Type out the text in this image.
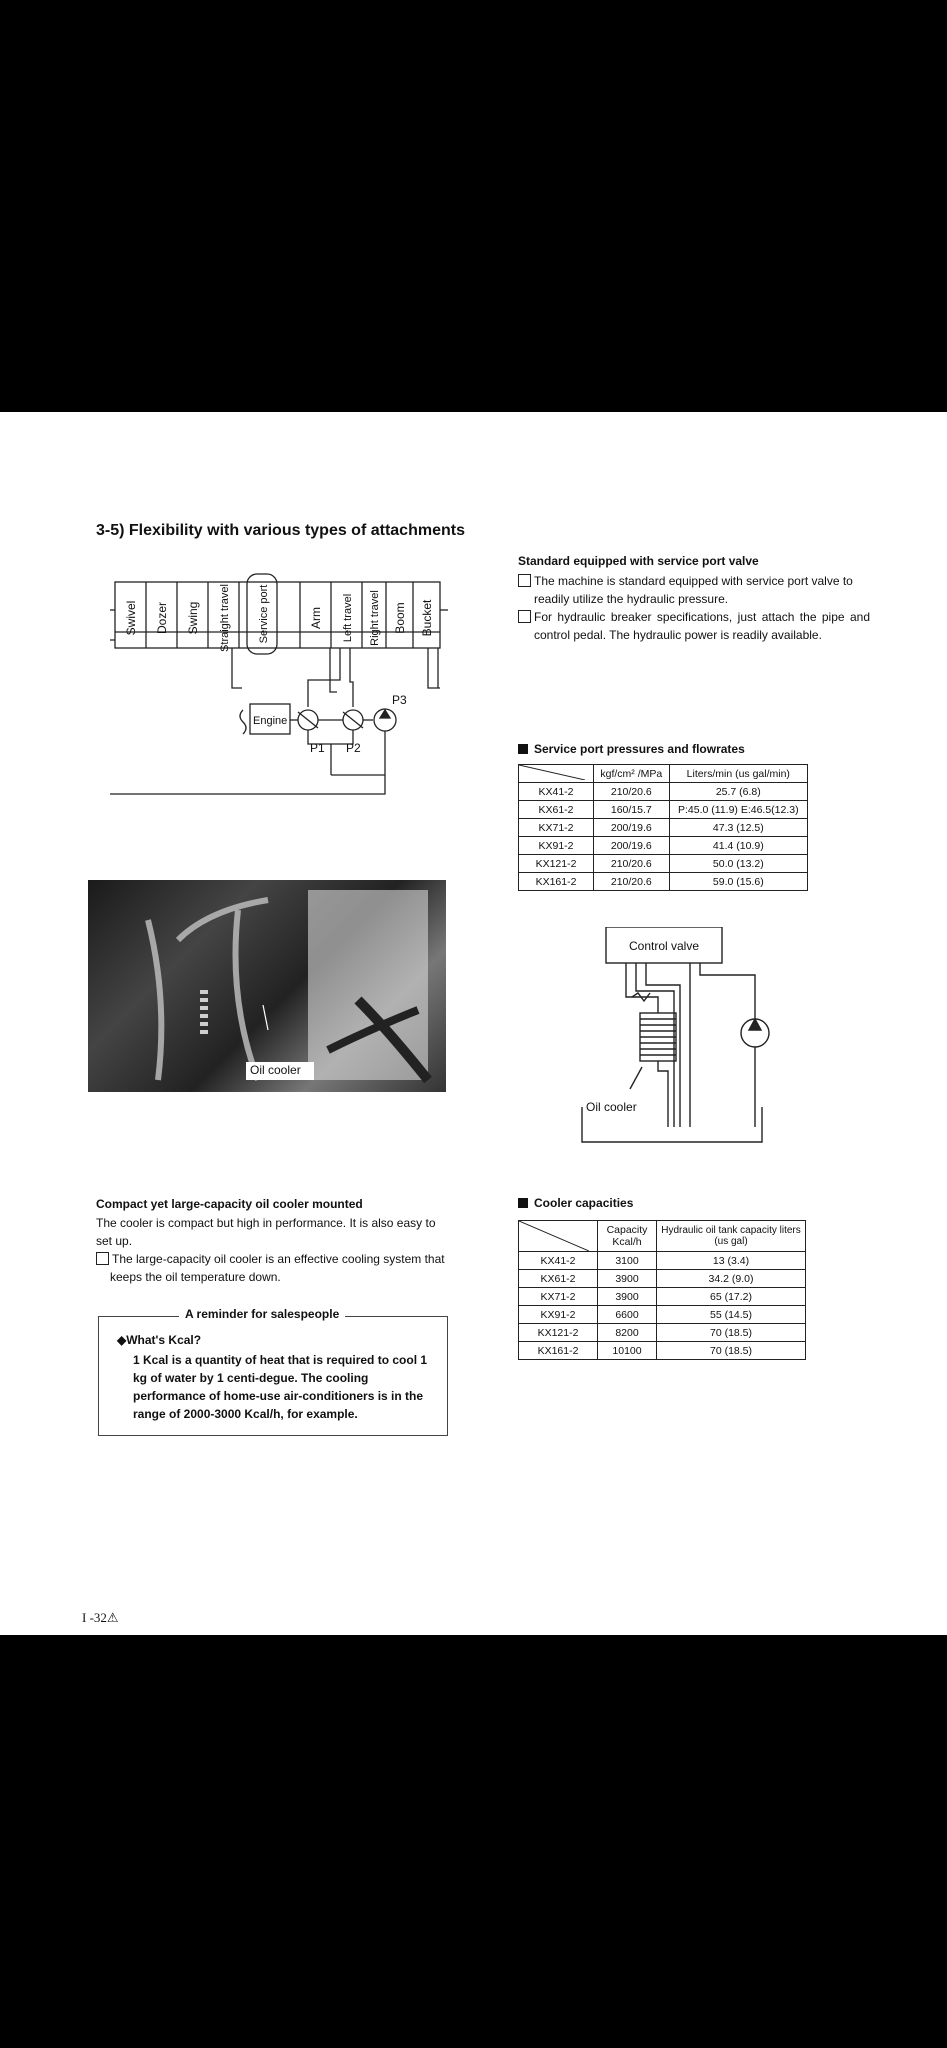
3-5) Flexibility with various types of attachments
Swivel Dozer Swing Straight travel Service port	Arm Left travel Right travel Boom Bucket
Engine
P1 P2
P3
Standard equipped with service port valve
The machine is standard equipped with service port valve to readily utilize the hydraulic pressure.
For hydraulic breaker specifications, just attach the pipe and control pedal. The hydraulic power is readily available.
Service port pressures and flowrates
	kgf/cm² /MPa	Liters/min (us gal/min)
KX41-2	210/20.6	25.7 (6.8)
KX61-2	160/15.7	P:45.0 (11.9) E:46.5(12.3)
KX71-2	200/19.6	47.3 (12.5)
KX91-2	200/19.6	41.4 (10.9)
KX121-2	210/20.6	50.0 (13.2)
KX161-2	210/20.6	59.0 (15.6)
Oil cooler
Control valve
Oil cooler
Compact yet large-capacity oil cooler mounted
The cooler is compact but high in performance. It is also easy to set up.
The large-capacity oil cooler is an effective cooling system that keeps the oil temperature down.
A reminder for salespeople
◆What's Kcal?
1 Kcal is a quantity of heat that is required to cool 1 kg of water by 1 centi-degue. The cooling performance of home-use air-conditioners is in the range of 2000-3000 Kcal/h, for example.
Cooler capacities
	Capacity Kcal/h	Hydraulic oil tank capacity liters (us gal)
KX41-2	3100	13 (3.4)
KX61-2	3900	34.2 (9.0)
KX71-2	3900	65 (17.2)
KX91-2	6600	55 (14.5)
KX121-2	8200	70 (18.5)
KX161-2	10100	70 (18.5)
I -32⚠
